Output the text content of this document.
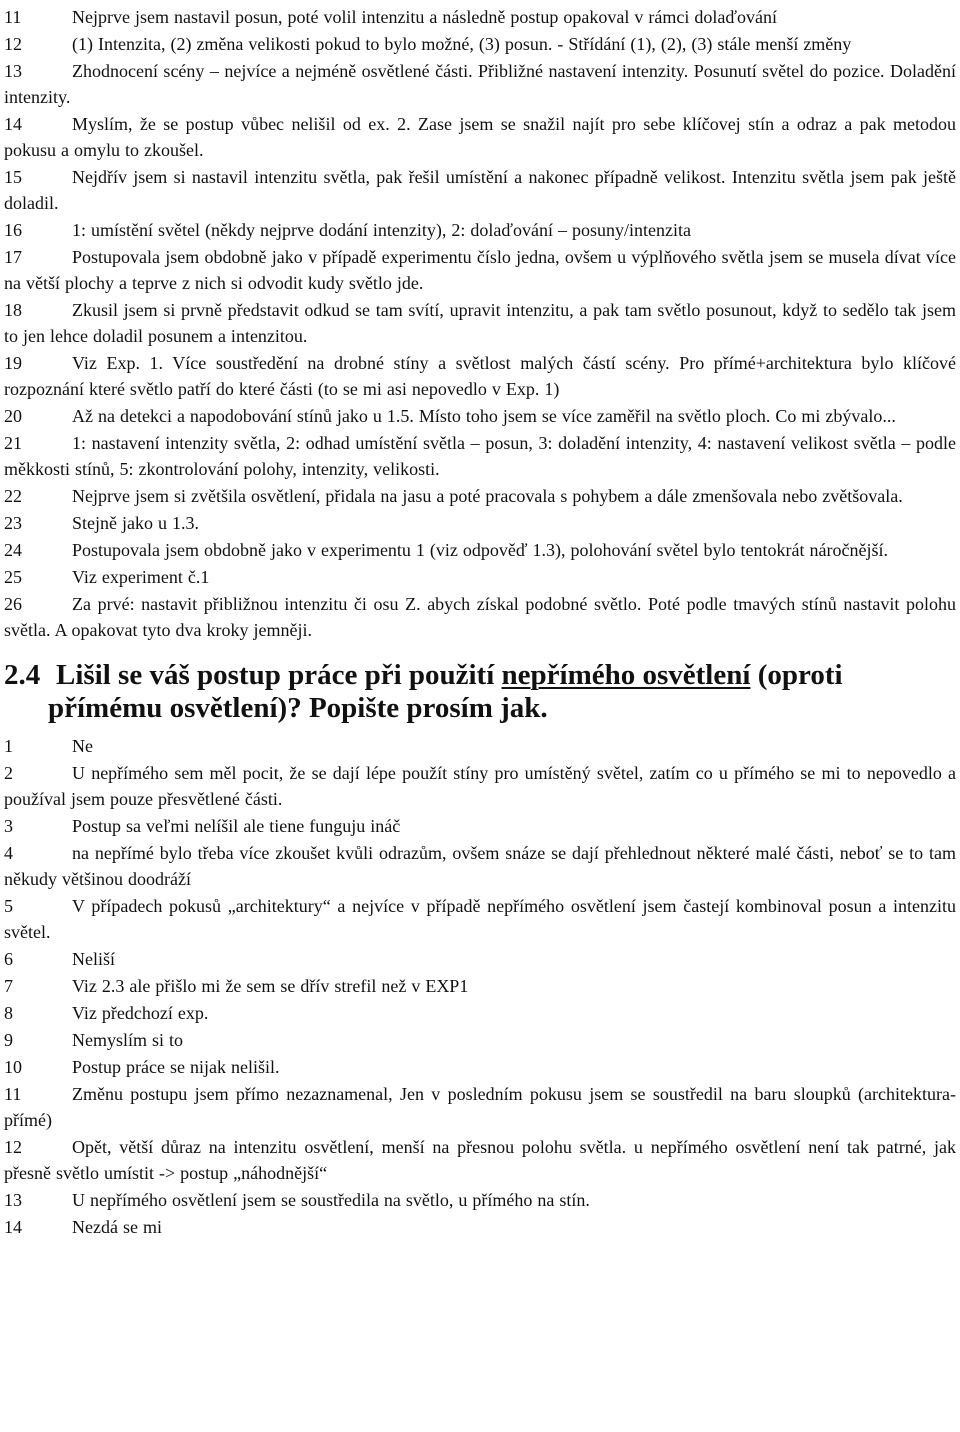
11	Nejprve jsem nastavil posun, poté volil intenzitu a následně postup opakoval v rámci dolaďování

12	(1) Intenzita, (2) změna velikosti pokud to bylo možné, (3) posun. - Střídání (1), (2), (3) stále menší změny

13	Zhodnocení scény – nejvíce a nejméně osvětlené části. Přibližné nastavení intenzity. Posunutí světel do pozice. Doladění intenzity.

14	Myslím, že se postup vůbec nelišil od ex. 2. Zase jsem se snažil najít pro sebe klíčovej stín a odraz a pak metodou pokusu a omylu to zkoušel.

15	Nejdřív jsem si nastavil intenzitu světla, pak řešil umístění a nakonec případně velikost. Intenzitu světla jsem pak ještě doladil.

16	1: umístění světel (někdy nejprve dodání intenzity), 2: dolaďování – posuny/intenzita

17	Postupovala jsem obdobně jako v případě experimentu číslo jedna, ovšem u výplňového světla jsem se musela dívat více na větší plochy a teprve z nich si odvodit kudy světlo jde.

18	Zkusil jsem si prvně představit odkud se tam svítí, upravit intenzitu, a pak tam světlo posunout, když to sedělo tak jsem to jen lehce doladil posunem a intenzitou.

19	Viz Exp. 1. Více soustředění na drobné stíny a světlost malých částí scény. Pro přímé+architektura bylo klíčové rozpoznání které světlo patří do které části (to se mi asi nepovedlo v Exp. 1)

20	Až na detekci a napodobování stínů jako u 1.5. Místo toho jsem se více zaměřil na světlo ploch. Co mi zbývalo...

21	1: nastavení intenzity světla, 2: odhad umístění světla – posun, 3: doladění intenzity, 4: nastavení velikost světla – podle měkkosti stínů, 5: zkontrolování polohy, intenzity, velikosti.

22	Nejprve jsem si zvětšila osvětlení, přidala na jasu a poté pracovala s pohybem a dále zmenšovala nebo zvětšovala.

23	Stejně jako u 1.3.

24	Postupovala jsem obdobně jako v experimentu 1 (viz odpověď 1.3), polohování světel bylo tentokrát náročnější.

25	Viz experiment č.1

26	Za prvé: nastavit přibližnou intenzitu či osu Z. abych získal podobné světlo. Poté podle tmavých stínů nastavit polohu světla. A opakovat tyto dva kroky jemněji.

2.4 Lišil se váš postup práce při použití nepřímého osvětlení (oproti přímému osvětlení)? Popište prosím jak.

1	Ne

2	U nepřímého sem měl pocit, že se dají lépe použít stíny pro umístěný světel, zatím co u přímého se mi to nepovedlo a používal jsem pouze přesvětlené části.

3	Postup sa veľmi nelíšil ale tiene funguju ináč

4	na nepřímé bylo třeba více zkoušet kvůli odrazům, ovšem snáze se dají přehlednout některé malé části, neboť se to tam někudy většinou doodráží

5	V případech pokusů „architektury“ a nejvíce v případě nepřímého osvětlení jsem častejí kombinoval posun a intenzitu světel.

6	Neliší

7	Viz 2.3 ale přišlo mi že sem se dřív strefil než v EXP1

8	Viz předchozí exp.

9	Nemyslím si to

10	Postup práce se nijak nelišil.

11	Změnu postupu jsem přímo nezaznamenal, Jen v posledním pokusu jsem se soustředil na baru sloupků (architektura-přímé)

12	Opět, větší důraz na intenzitu osvětlení, menší na přesnou polohu světla. u nepřímého osvětlení není tak patrné, jak přesně světlo umístit -> postup „náhodnější“

13	U nepřímého osvětlení jsem se soustředila na světlo, u přímého na stín.

14	Nezdá se mi
